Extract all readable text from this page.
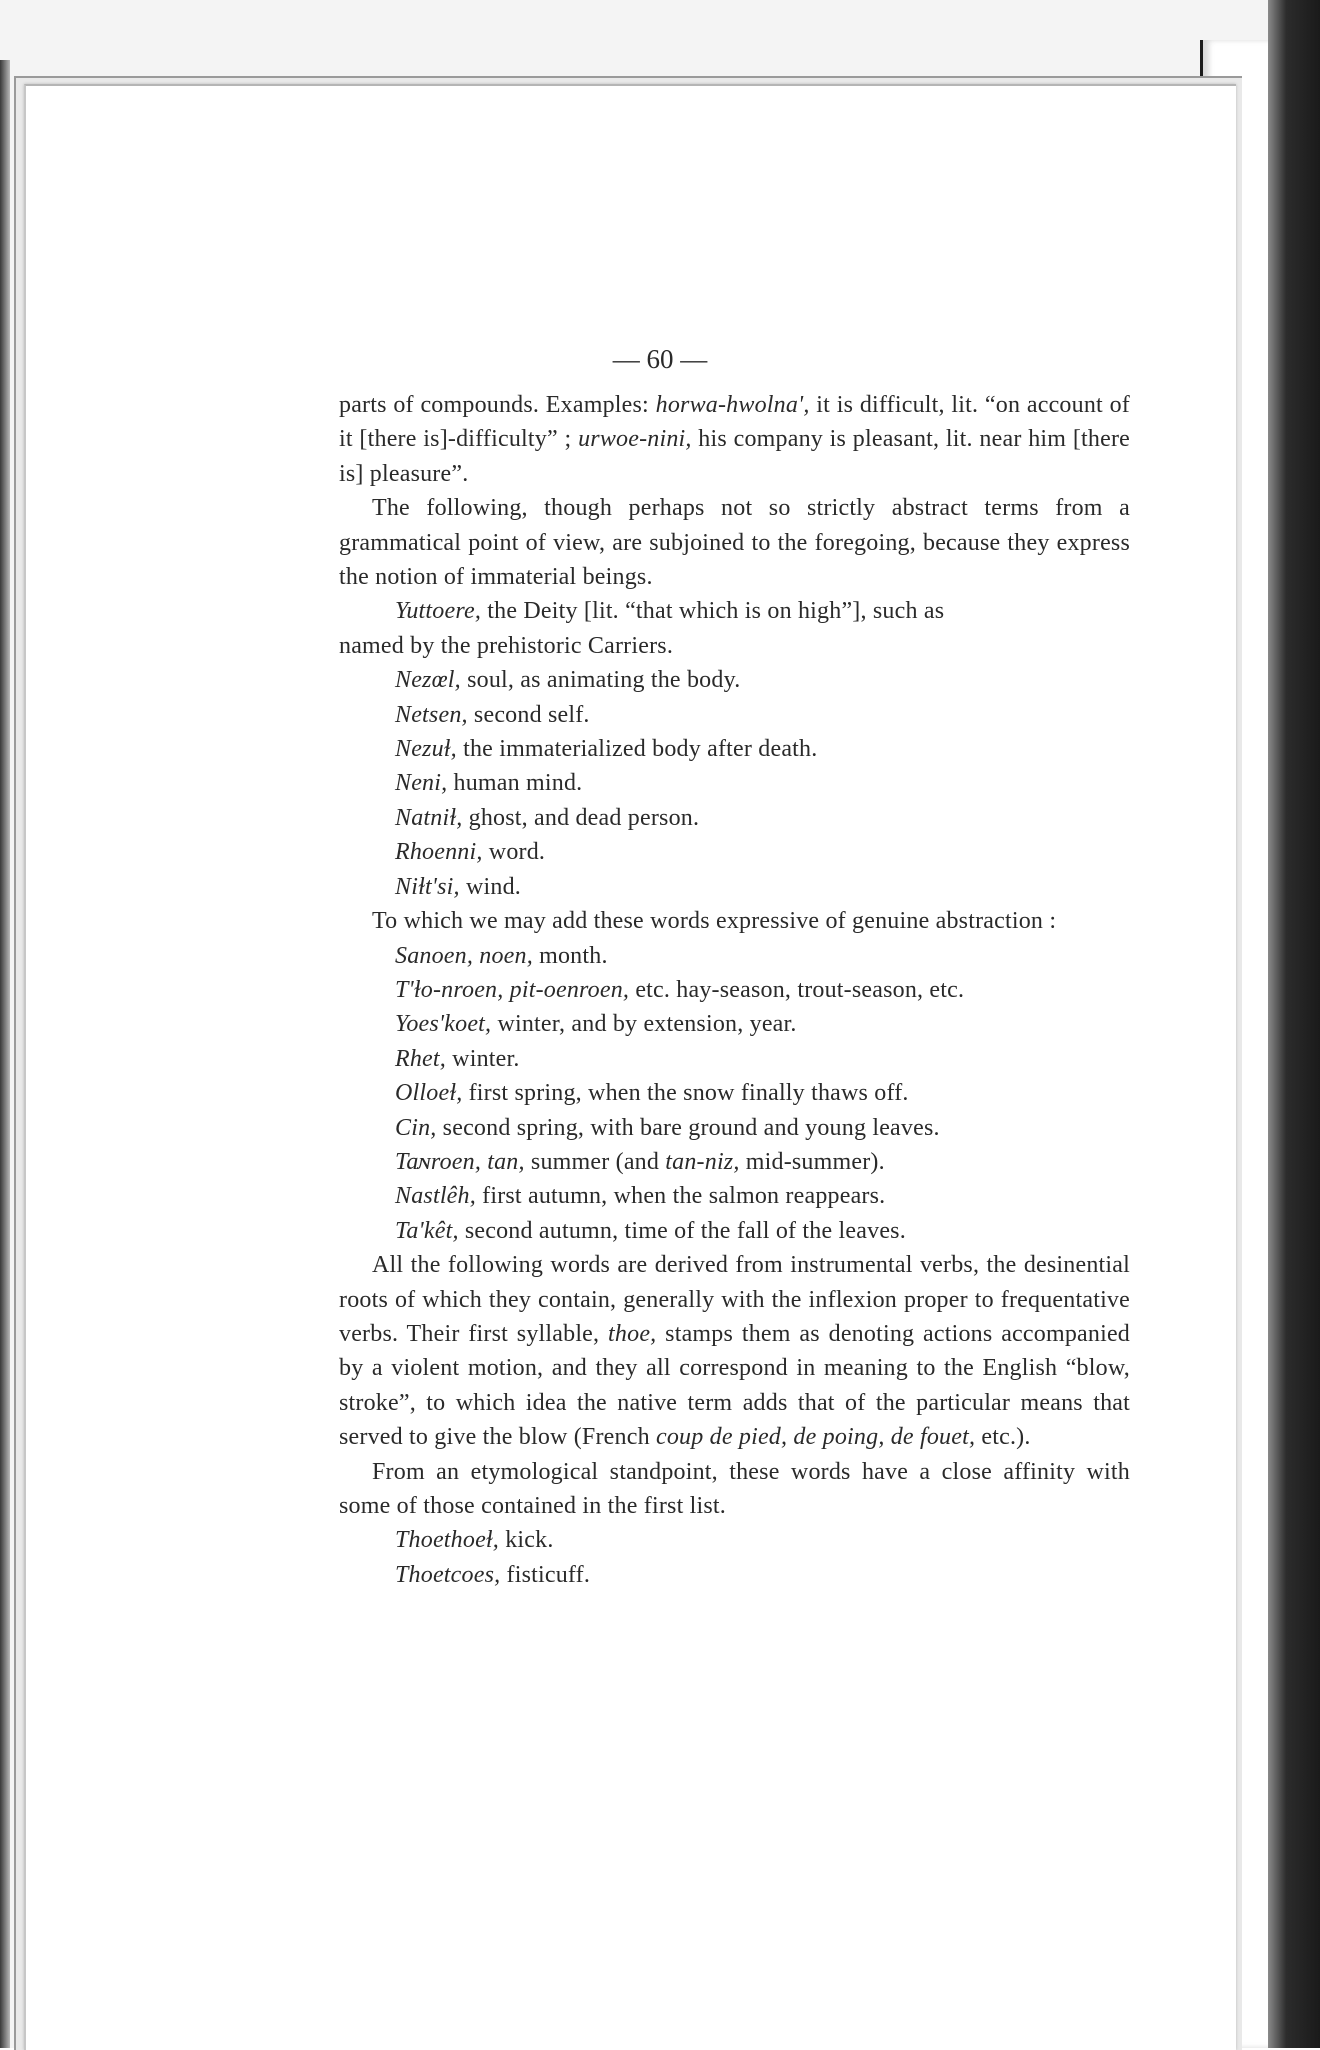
— 60 —

parts of compounds. Examples: horwa-hwolna', it is difficult, lit. “on account of it [there is]-difficulty” ; urwoe-nini, his company is pleasant, lit. near him [there is] pleasure”.

The following, though perhaps not so strictly abstract terms from a grammatical point of view, are subjoined to the foregoing, because they express the notion of immaterial beings.

Yuttoere, the Deity [lit. “that which is on high”], such as
named by the prehistoric Carriers.
Nezœl, soul, as animating the body.
Netsen, second self.
Nezuɫ, the immaterialized body after death.
Neni, human mind.
Natniɫ, ghost, and dead person.
Rhoenni, word.
Niɫt'si, wind.

To which we may add these words expressive of genuine abstraction :

Sanoen, noen, month.
T'ɫo-nroen, pit-oenroen, etc. hay-season, trout-season, etc.
Yoes'koet, winter, and by extension, year.
Rhet, winter.
Olloeɫ, first spring, when the snow finally thaws off.
Cin, second spring, with bare ground and young leaves.
Taɴroen, tan, summer (and tan-niz, mid-summer).
Nastlêh, first autumn, when the salmon reappears.
Ta'kêt, second autumn, time of the fall of the leaves.

All the following words are derived from instrumental verbs, the desinential roots of which they contain, generally with the inflexion proper to frequentative verbs. Their first syllable, thoe, stamps them as denoting actions accompanied by a violent motion, and they all correspond in meaning to the English “blow, stroke”, to which idea the native term adds that of the particular means that served to give the blow (French coup de pied, de poing, de fouet, etc.).

From an etymological standpoint, these words have a close affinity with some of those contained in the first list.

Thoethoeɫ, kick.
Thoetcoes, fisticuff.
